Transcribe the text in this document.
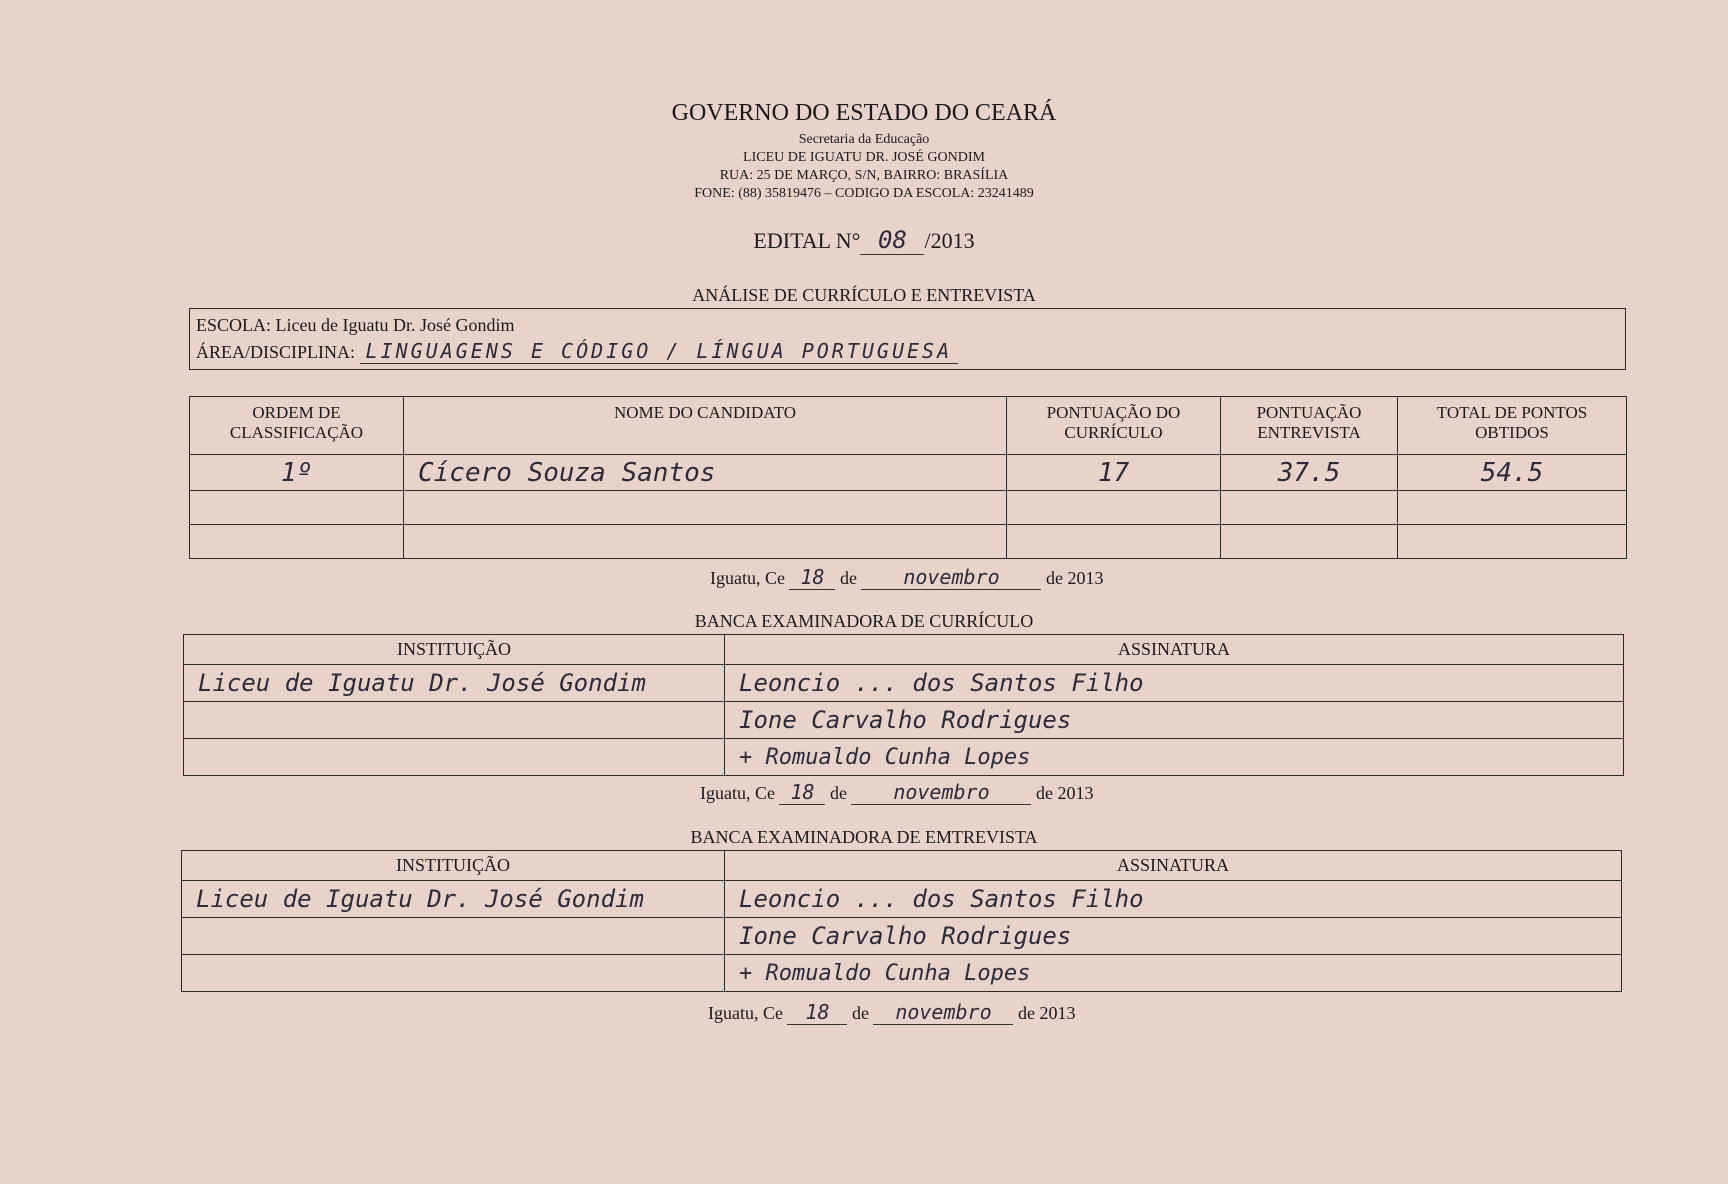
GOVERNO DO ESTADO DO CEARÁ
Secretaria da Educação
LICEU DE IGUATU DR. JOSÉ GONDIM
RUA: 25 DE MARÇO, S/N, BAIRRO: BRASÍLIA
FONE: (88) 35819476 – CODIGO DA ESCOLA: 23241489
EDITAL N° 08 /2013
ANÁLISE DE CURRÍCULO E ENTREVISTA
ESCOLA: Liceu de Iguatu Dr. José Gondim
ÁREA/DISCIPLINA: LINGUAGENS E CÓDIGO / LÍNGUA PORTUGUESA
ORDEM DE CLASSIFICAÇÃO	NOME DO CANDIDATO	PONTUAÇÃO DO CURRÍCULO	PONTUAÇÃO ENTREVISTA	TOTAL DE PONTOS OBTIDOS
1º	Cícero Souza Santos	17	37.5	54.5

Iguatu, Ce 18 de novembro	de 2013
BANCA EXAMINADORA DE CURRÍCULO
INSTITUIÇÃO	ASSINATURA
Liceu de Iguatu Dr. José Gondim	Leoncio ... dos Santos Filho
	Ione Carvalho Rodrigues
	+ Romualdo Cunha Lopes
Iguatu, Ce 18 de novembro	de 2013
BANCA EXAMINADORA DE EMTREVISTA
INSTITUIÇÃO	ASSINATURA
Liceu de Iguatu Dr. José Gondim	Leoncio ... dos Santos Filho
	Ione Carvalho Rodrigues
	+ Romualdo Cunha Lopes
Iguatu, Ce 18 de novembro de 2013
